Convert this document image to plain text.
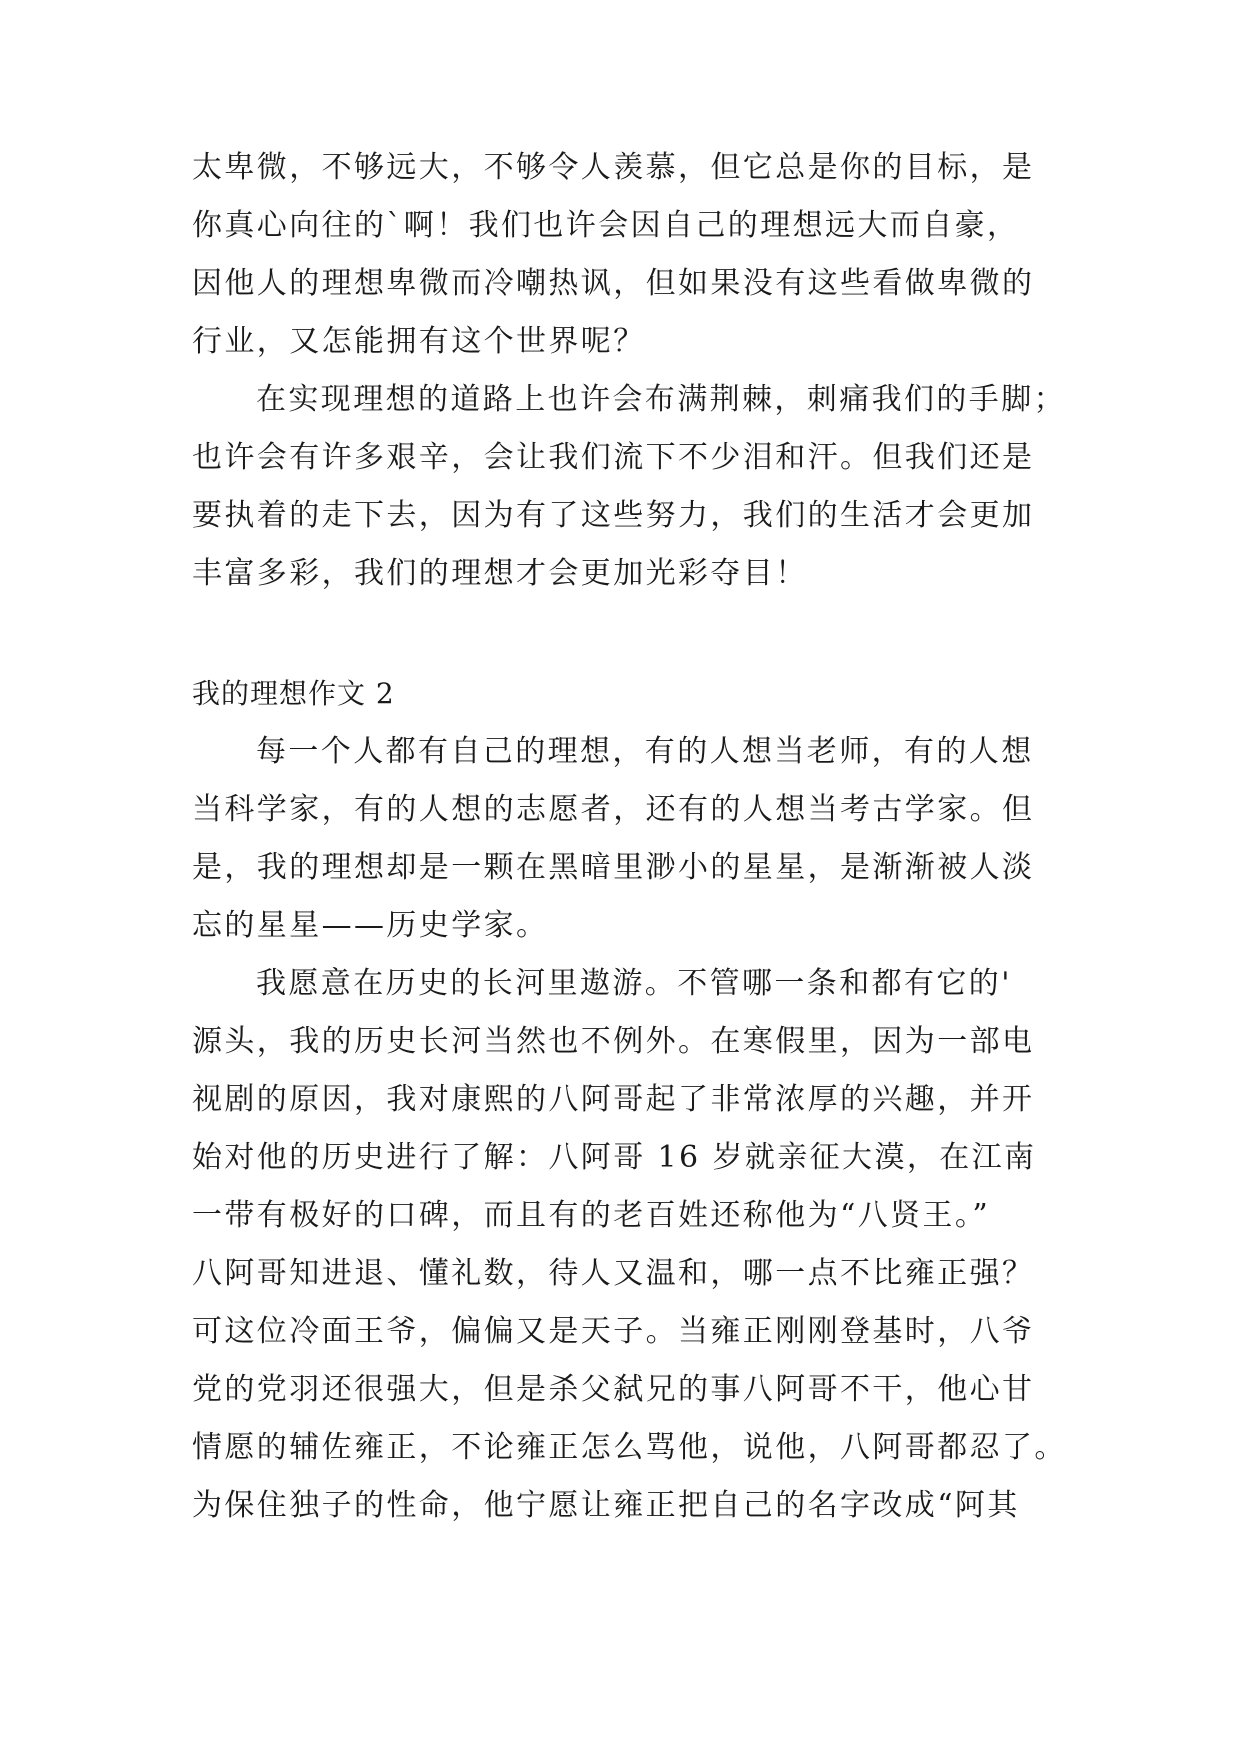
太卑微，不够远大，不够令人羡慕，但它总是你的目标，是
你真心向往的`啊！我们也许会因自己的理想远大而自豪，
因他人的理想卑微而冷嘲热讽，但如果没有这些看做卑微的
行业，又怎能拥有这个世界呢？
在实现理想的道路上也许会布满荆棘，刺痛我们的手脚；
也许会有许多艰辛，会让我们流下不少泪和汗。但我们还是
要执着的走下去，因为有了这些努力，我们的生活才会更加
丰富多彩，我们的理想才会更加光彩夺目！
我的理想作文 2
每一个人都有自己的理想，有的人想当老师，有的人想
当科学家，有的人想的志愿者，还有的人想当考古学家。但
是，我的理想却是一颗在黑暗里渺小的星星，是渐渐被人淡
忘的星星——历史学家。
我愿意在历史的长河里遨游。不管哪一条和都有它的'
源头，我的历史长河当然也不例外。在寒假里，因为一部电
视剧的原因，我对康熙的八阿哥起了非常浓厚的兴趣，并开
始对他的历史进行了解：八阿哥 16 岁就亲征大漠，在江南
一带有极好的口碑，而且有的老百姓还称他为“八贤王。”
八阿哥知进退、懂礼数，待人又温和，哪一点不比雍正强？
可这位冷面王爷，偏偏又是天子。当雍正刚刚登基时，八爷
党的党羽还很强大，但是杀父弑兄的事八阿哥不干，他心甘
情愿的辅佐雍正，不论雍正怎么骂他，说他，八阿哥都忍了。
为保住独子的性命，他宁愿让雍正把自己的名字改成“阿其
